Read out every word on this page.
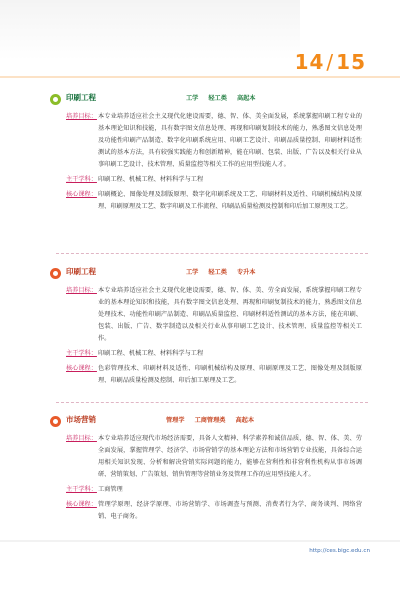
14 / 15
印刷工程	工学 轻工类 高起本
培养目标： 本专业培养适应社会主义现代化建设需要，德、智、体、美全面发展，系统掌握印刷工程专业的基本理论知识和技能，具有数字图文信息处理、再现和印刷复制技术的能力，熟悉图文信息处理及功能性印刷产品制造、数字化印刷系统应用、印刷工艺设计、印刷品质量控制、印刷材料适性测试的基本方法，具有较强实践能力和创新精神，能在印刷、包装、出版、广告以及相关行业从事印刷工艺设计、技术管理、质量监控等相关工作的应用型技能人才。
主干学科： 印刷工程、机械工程、材料科学与工程
核心课程： 印刷概论、图像处理及制版原理、数字化印刷系统及工艺、印刷材料及适性、印刷机械结构及原理、印刷原理及工艺、数字印刷及工作流程、印刷品质量检测及控制和印后加工原理及工艺。
印刷工程	工学 轻工类 专升本
培养目标： 本专业培养适应社会主义现代化建设需要，德、智、体、美、劳全面发展，系统掌握印刷工程专业的基本理论知识和技能，具有数字图文信息处理、再现和印刷复制技术的能力，熟悉图文信息处理技术、功能性印刷产品制造、印刷品质量监控、印刷材料适性测试的基本方法，能在印刷、包装、出版、广告、数字制造以及相关行业从事印刷工艺设计、技术管理、质量监控等相关工作。
主干学科： 印刷工程、机械工程、材料科学与工程
核心课程： 色彩管理技术、印刷材料及适性、印刷机械结构及原理、印刷原理及工艺、图像处理及制版原理、印刷品质量检测及控制、印后加工原理及工艺。
市场营销	管理学 工商管理类 高起本
培养目标： 本专业培养适应现代市场经济需要，具备人文精神、科学素养和诚信品质，德、智、体、美、劳全面发展，掌握管理学、经济学、市场营销学的基本理论方法和市场营销专业技能，具备综合运用相关知识发现、分析和解决营销实际问题的能力，能够在营利性和非营利性机构从事市场调研、营销策划、广告策划、销售管理等营销业务及管理工作的应用型技能人才。
主干学科： 工商管理
核心课程： 管理学原理、经济学原理、市场营销学、市场调查与预测、消费者行为学、商务谈判、网络营销、电子商务。
http://ces.bigc.edu.cn
